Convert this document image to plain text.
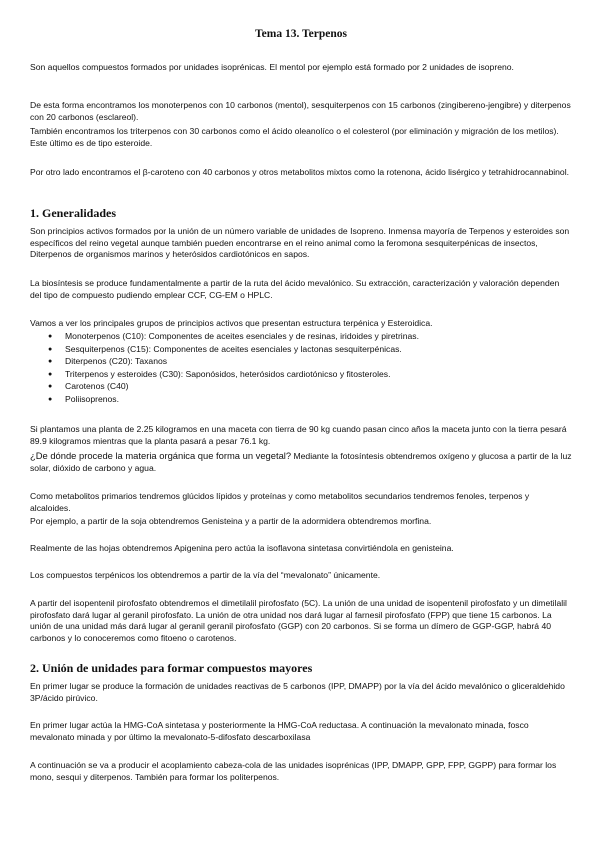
Tema 13. Terpenos

Son aquellos compuestos formados por unidades isoprénicas. El mentol por ejemplo está formado por 2 unidades de isopreno.

De esta forma encontramos los monoterpenos con 10 carbonos (mentol), sesquiterpenos con 15 carbonos (zingibereno-jengibre) y diterpenos con 20 carbonos (esclareol).

También encontramos los triterpenos con 30 carbonos como el ácido oleanolíco o el colesterol (por eliminación y migración de los metilos). Este último es de tipo esteroide.

Por otro lado encontramos el β-caroteno con 40 carbonos y otros metabolitos mixtos como la rotenona, ácido lisérgico y tetrahidrocannabinol.

1. Generalidades

Son principios activos formados por la unión de un número variable de unidades de Isopreno. Inmensa mayoría de Terpenos y esteroides son específicos del reino vegetal aunque también pueden encontrarse en el reino animal como la feromona sesquiterpénicas de insectos, Diterpenos de organismos marinos y heterósidos cardiotónicos en sapos.

La biosíntesis se produce fundamentalmente a partir de la ruta del ácido mevalónico. Su extracción, caracterización y valoración dependen del tipo de compuesto pudiendo emplear CCF, CG-EM o HPLC.

Vamos a ver los principales grupos de principios activos que presentan estructura terpénica y Esteroidica.

● Monoterpenos (C10): Componentes de aceites esenciales y de resinas, iridoides y piretrinas.
● Sesquiterpenos (C15): Componentes de aceites esenciales y lactonas sesquiterpénicas.
● Diterpenos (C20): Taxanos
● Triterpenos y esteroides (C30): Saponósidos, heterósidos cardiotónicso y fitosteroles.
● Carotenos (C40)
● Poliisoprenos.

Si plantamos una planta de 2.25 kilogramos en una maceta con tierra de 90 kg cuando pasan cinco años la maceta junto con la tierra pesará 89.9 kilogramos mientras que la planta pasará a pesar 76.1 kg.

¿De dónde procede la materia orgánica que forma un vegetal? Mediante la fotosíntesis obtendremos oxígeno y glucosa a partir de la luz solar, dióxido de carbono y agua.

Como metabolitos primarios tendremos glúcidos lípidos y proteínas y como metabolitos secundarios tendremos fenoles, terpenos y alcaloides.

Por ejemplo, a partir de la soja obtendremos Genisteina y a partir de la adormidera obtendremos morfina.

Realmente de las hojas obtendremos Apigenina pero actúa la isoflavona sintetasa convirtiéndola en genisteina.

Los compuestos terpénicos los obtendremos a partir de la vía del “mevalonato” únicamente.

A partir del isopentenil pirofosfato obtendremos el dimetilalil pirofosfato (5C). La unión de una unidad de isopentenil pirofosfato y un dimetilalil pirofosfato dará lugar al geranil pirofosfato. La unión de otra unidad nos dará lugar al farnesil pirofosfato (FPP) que tiene 15 carbonos. La unión de una unidad más dará lugar al geranil geranil pirofosfato (GGP) con 20 carbonos. Si se forma un dímero de GGP-GGP, habrá 40 carbonos y lo conoceremos como fitoeno o carotenos.

2. Unión de unidades para formar compuestos mayores

En primer lugar se produce la formación de unidades reactivas de 5 carbonos (IPP, DMAPP) por la vía del ácido mevalónico o gliceraldehido 3P/ácido pirúvico.

En primer lugar actúa la HMG-CoA sintetasa y posteriormente la HMG-CoA reductasa. A continuación la mevalonato minada, fosco mevalonato minada y por último la mevalonato-5-difosfato descarboxilasa

A continuación se va a producir el acoplamiento cabeza-cola de las unidades isoprénicas (IPP, DMAPP, GPP, FPP, GGPP) para formar los mono, sesqui y diterpenos. También para formar los politerpenos.
